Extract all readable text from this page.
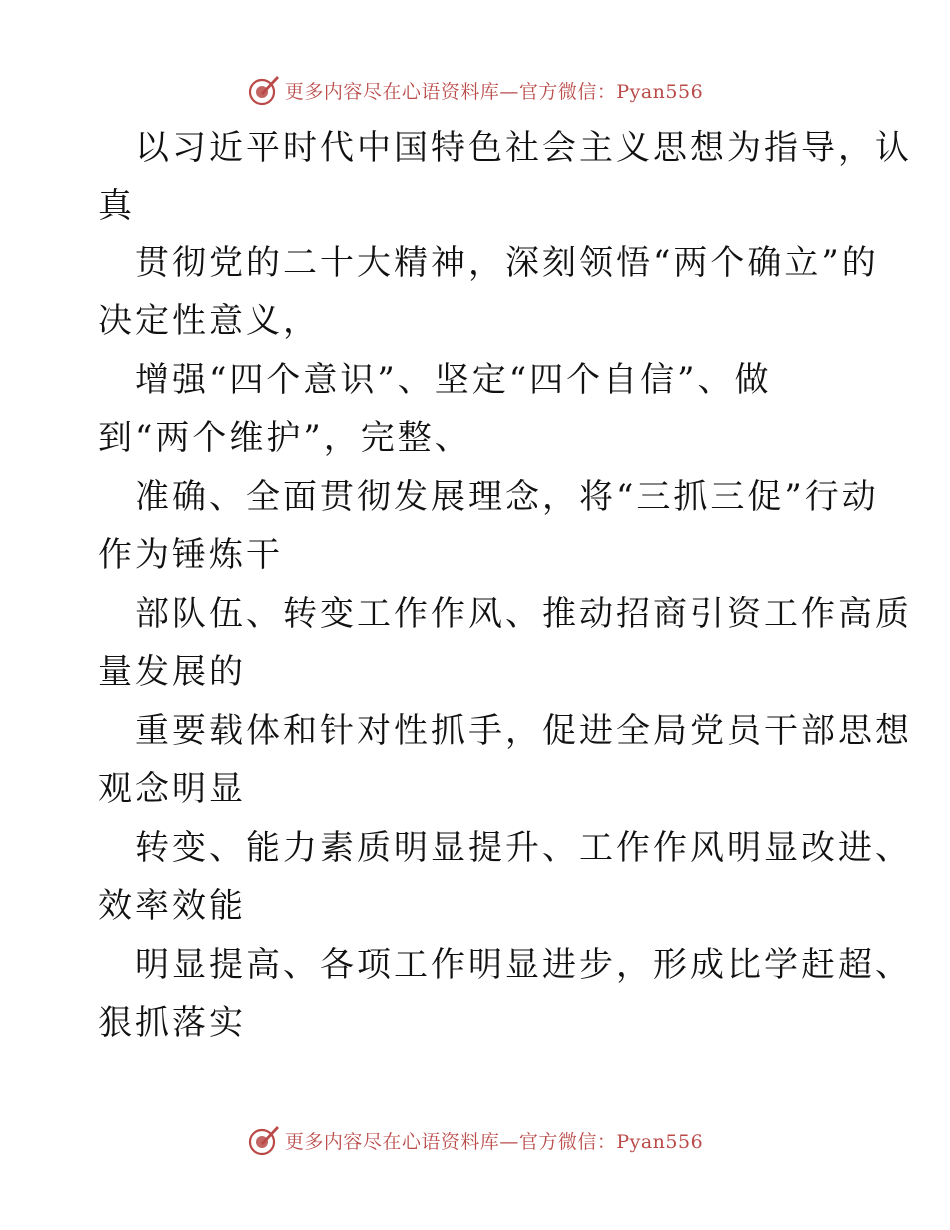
更多内容尽在心语资料库—官方微信：Pyan556
以习近平时代中国特色社会主义思想为指导，认
真
贯彻党的二十大精神，深刻领悟“两个确立”的
决定性意义，
增强“四个意识”、坚定“四个自信”、做
到“两个维护”，完整、
准确、全面贯彻发展理念，将“三抓三促”行动
作为锤炼干
部队伍、转变工作作风、推动招商引资工作高质
量发展的
重要载体和针对性抓手，促进全局党员干部思想
观念明显
转变、能力素质明显提升、工作作风明显改进、
效率效能
明显提高、各项工作明显进步，形成比学赶超、
狠抓落实
更多内容尽在心语资料库—官方微信：Pyan556
